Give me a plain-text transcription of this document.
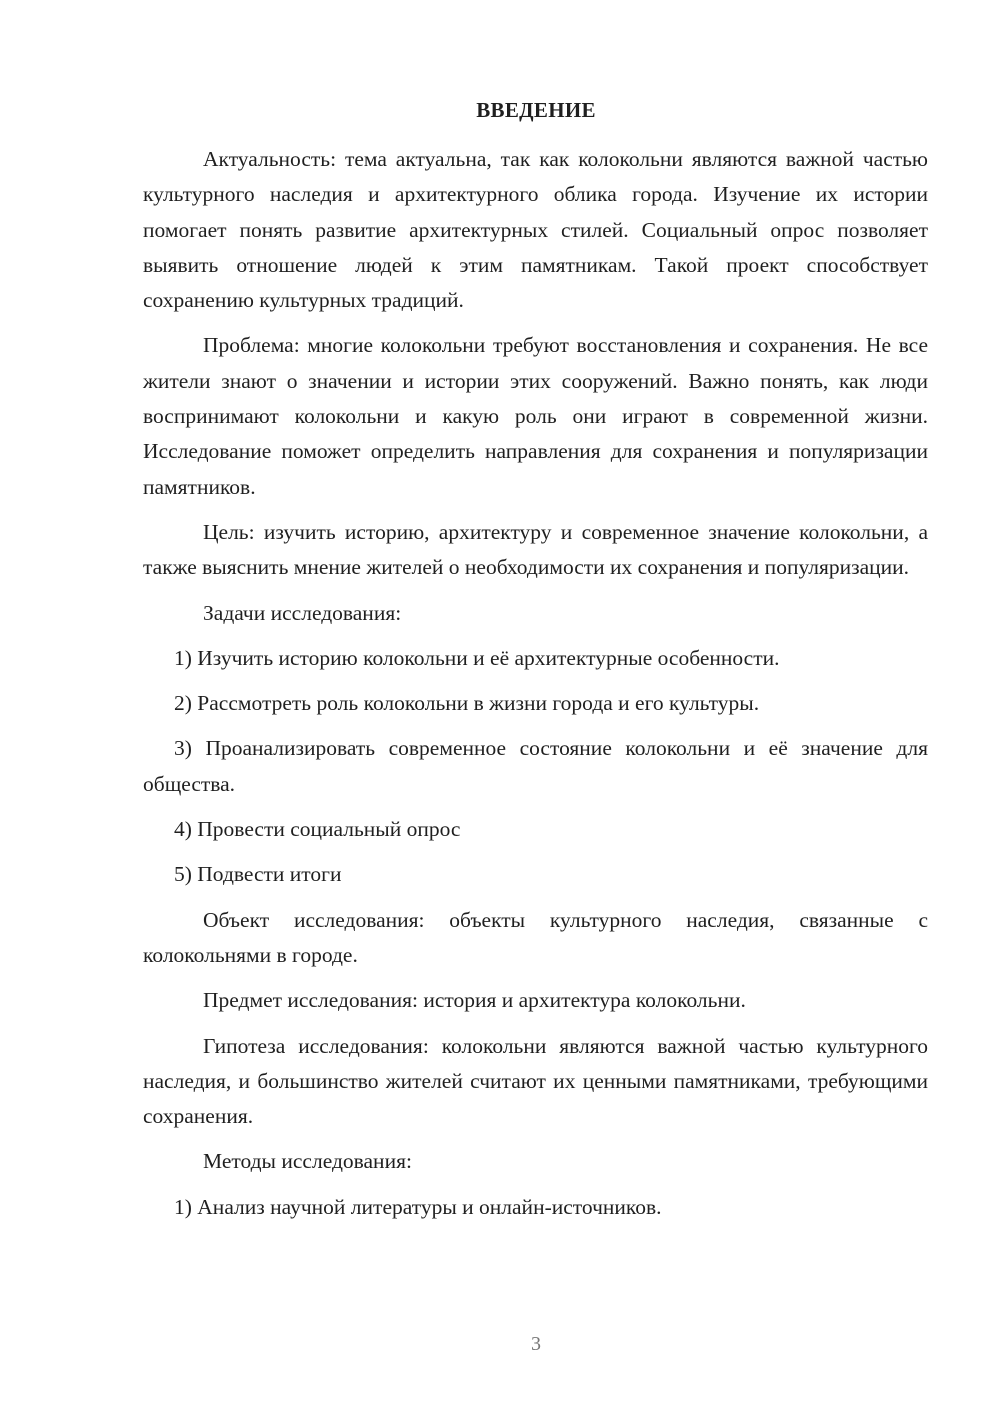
ВВЕДЕНИЕ

Актуальность: тема актуальна, так как колокольни являются важной частью культурного наследия и архитектурного облика города. Изучение их истории помогает понять развитие архитектурных стилей. Социальный опрос позволяет выявить отношение людей к этим памятникам. Такой проект способствует сохранению культурных традиций.

Проблема: многие колокольни требуют восстановления и сохранения. Не все жители знают о значении и истории этих сооружений. Важно понять, как люди воспринимают колокольни и какую роль они играют в современной жизни. Исследование поможет определить направления для сохранения и популяризации памятников.

Цель: изучить историю, архитектуру и современное значение колокольни, а также выяснить мнение жителей о необходимости их сохранения и популяризации.

Задачи исследования:

1) Изучить историю колокольни и её архитектурные особенности.

2) Рассмотреть роль колокольни в жизни города и его культуры.

3) Проанализировать современное состояние колокольни и её значение для общества.

4) Провести социальный опрос

5) Подвести итоги

Объект исследования: объекты культурного наследия, связанные с колокольнями в городе.

Предмет исследования: история и архитектура колокольни.

Гипотеза исследования: колокольни являются важной частью культурного наследия, и большинство жителей считают их ценными памятниками, требующими сохранения.

Методы исследования:

1) Анализ научной литературы и онлайн-источников.

3
